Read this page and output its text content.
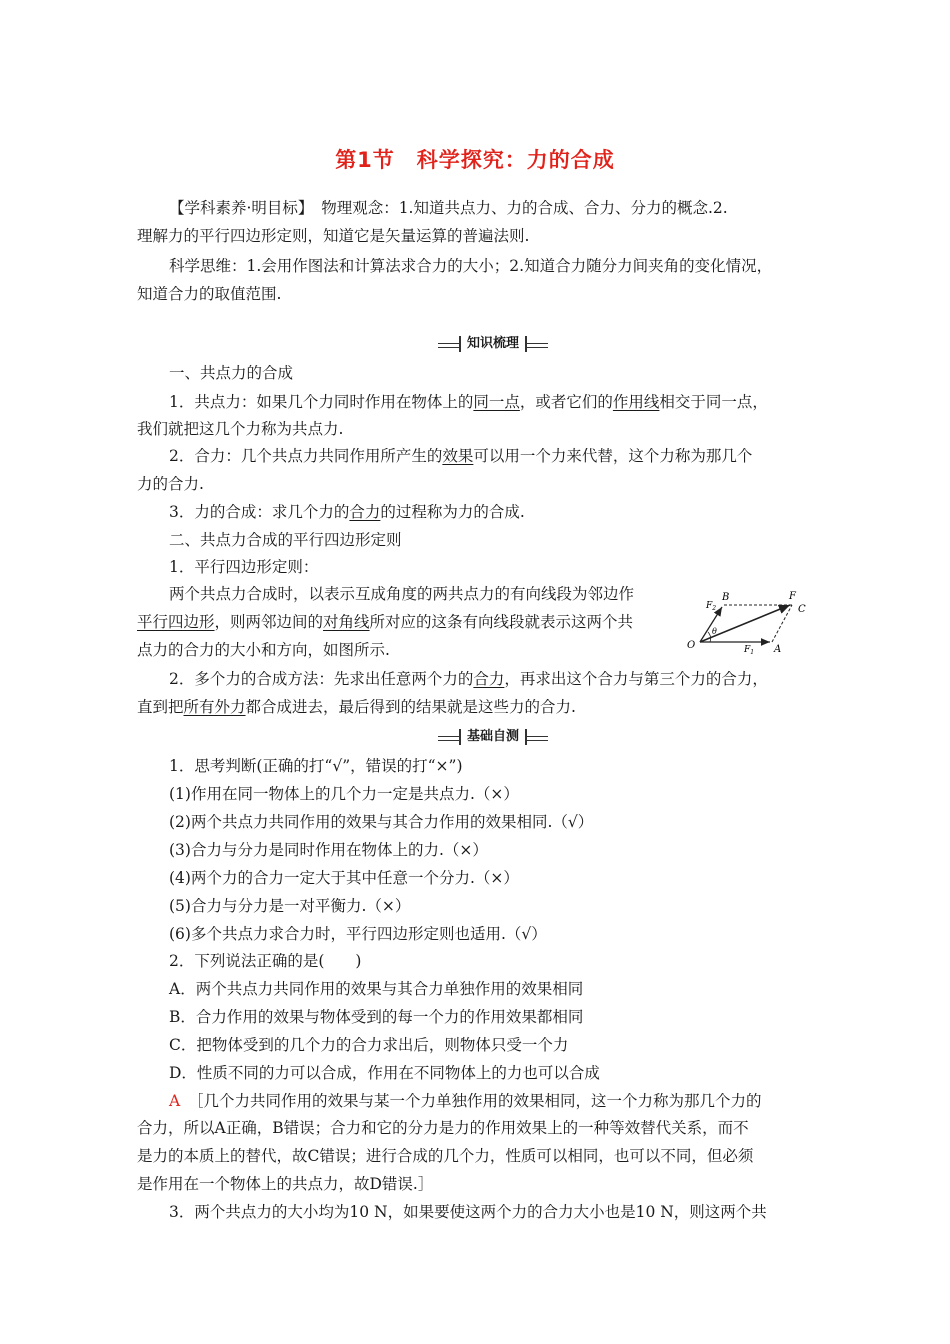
第1节　科学探究：力的合成
【学科素养·明目标】　物理观念：1.知道共点力、力的合成、合力、分力的概念.2.
理解力的平行四边形定则，知道它是矢量运算的普遍法则.
科学思维：1.会用作图法和计算法求合力的大小；2.知道合力随分力间夹角的变化情况，
知道合力的取值范围.
知识梳理
一、共点力的合成
1．共点力：如果几个力同时作用在物体上的同一点，或者它们的作用线相交于同一点，
我们就把这几个力称为共点力.
2．合力：几个共点力共同作用所产生的效果可以用一个力来代替，这个力称为那几个
力的合力.
3．力的合成：求几个力的合力的过程称为力的合成.
二、共点力合成的平行四边形定则
1．平行四边形定则：
两个共点力合成时，以表示互成角度的两共点力的有向线段为邻边作
平行四边形，则两邻边间的对角线所对应的这条有向线段就表示这两个共
点力的合力的大小和方向，如图所示.	O	A
B
C
F
$F_1$
$F_2$
θ
2．多个力的合成方法：先求出任意两个力的合力，再求出这个合力与第三个力的合力，
直到把所有外力都合成进去，最后得到的结果就是这些力的合力.
基础自测
1．思考判断(正确的打“√”，错误的打“×”)
(1)作用在同一物体上的几个力一定是共点力.（×）
(2)两个共点力共同作用的效果与其合力作用的效果相同.（√）
(3)合力与分力是同时作用在物体上的力.（×）
(4)两个力的合力一定大于其中任意一个分力.（×）
(5)合力与分力是一对平衡力.（×）
(6)多个共点力求合力时，平行四边形定则也适用.（√）
2．下列说法正确的是(　　)
A．两个共点力共同作用的效果与其合力单独作用的效果相同
B．合力作用的效果与物体受到的每一个力的作用效果都相同
C．把物体受到的几个力的合力求出后，则物体只受一个力
D．性质不同的力可以合成，作用在不同物体上的力也可以合成
A　 ［几个力共同作用的效果与某一个力单独作用的效果相同，这一个力称为那几个力的
合力，所以A正确，B错误；合力和它的分力是力的作用效果上的一种等效替代关系，而不
是力的本质上的替代，故C错误；进行合成的几个力，性质可以相同，也可以不同，但必须
是作用在一个物体上的共点力，故D错误.］
3．两个共点力的大小均为10 N，如果要使这两个力的合力大小也是10 N，则这两个共
